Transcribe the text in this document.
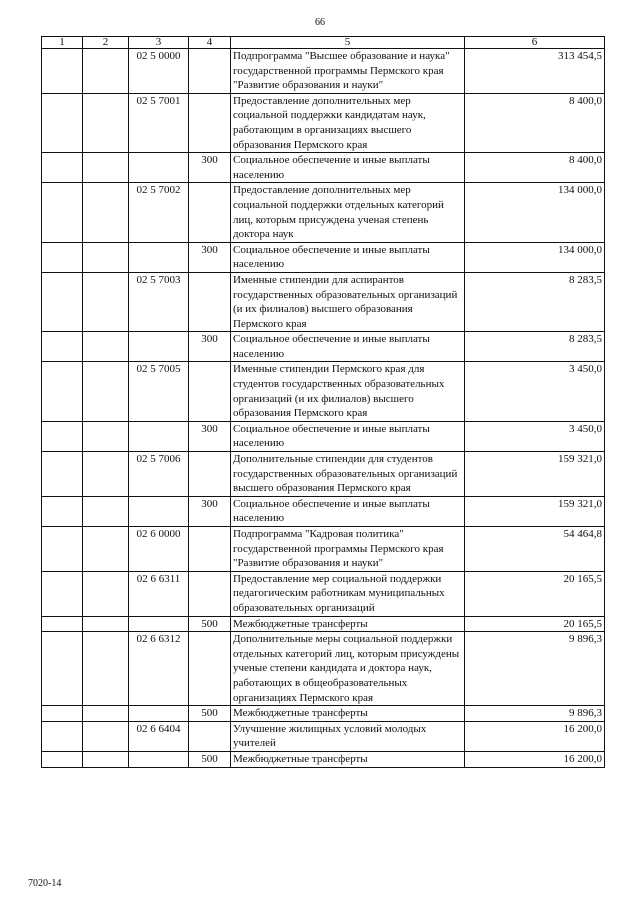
66
1	2	3	4	5	6
		02 5 0000		Подпрограмма "Высшее образование и наука" государственной программы Пермского края "Развитие образования и науки"	313 454,5
		02 5 7001		Предоставление дополнительных мер социальной поддержки кандидатам наук, работающим в организациях высшего образования Пермского края	8 400,0
			300	Социальное обеспечение и иные выплаты населению	8 400,0
		02 5 7002		Предоставление дополнительных мер социальной поддержки отдельных категорий лиц, которым присуждена ученая степень доктора наук	134 000,0
			300	Социальное обеспечение и иные выплаты населению	134 000,0
		02 5 7003		Именные стипендии для аспирантов государственных образовательных организаций (и их филиалов) высшего образования Пермского края	8 283,5
			300	Социальное обеспечение и иные выплаты населению	8 283,5
		02 5 7005		Именные стипендии Пермского края для студентов государственных образовательных организаций (и их филиалов) высшего образования Пермского края	3 450,0
			300	Социальное обеспечение и иные выплаты населению	3 450,0
		02 5 7006		Дополнительные стипендии для студентов государственных образовательных организаций высшего образования Пермского края	159 321,0
			300	Социальное обеспечение и иные выплаты населению	159 321,0
		02 6 0000		Подпрограмма "Кадровая политика" государственной программы Пермского края "Развитие образования и науки"	54 464,8
		02 6 6311		Предоставление мер социальной поддержки педагогическим работникам муниципальных образовательных организаций	20 165,5
			500	Межбюджетные трансферты	20 165,5
		02 6 6312		Дополнительные меры социальной поддержки отдельных категорий лиц, которым присуждены ученые степени кандидата и доктора наук, работающих в общеобразовательных организациях Пермского края	9 896,3
			500	Межбюджетные трансферты	9 896,3
		02 6 6404		Улучшение жилищных условий молодых учителей	16 200,0
			500	Межбюджетные трансферты	16 200,0
7020-14
